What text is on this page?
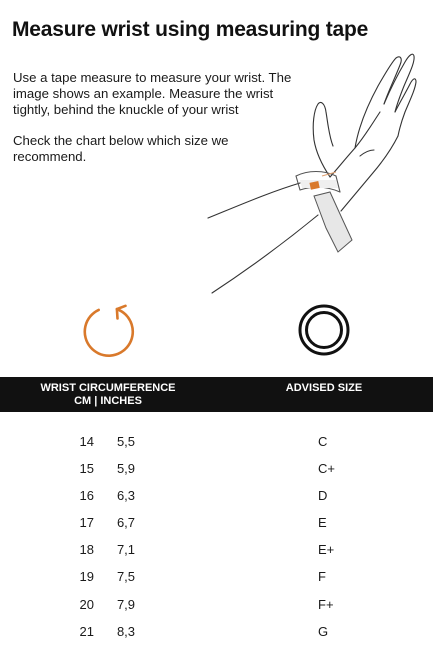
Measure wrist using measuring tape

Use a tape measure to measure your wrist. The image shows an example. Measure the wrist tightly, behind the knuckle of your wrist

Check the chart below which size we recommend.

WRIST CIRCUMFERENCE
CM | INCHES
ADVISED SIZE
14	5,5	C
15	5,9	C+
16	6,3	D
17	6,7	E
18	7,1	E+
19	7,5	F
20	7,9	F+
21	8,3	G
